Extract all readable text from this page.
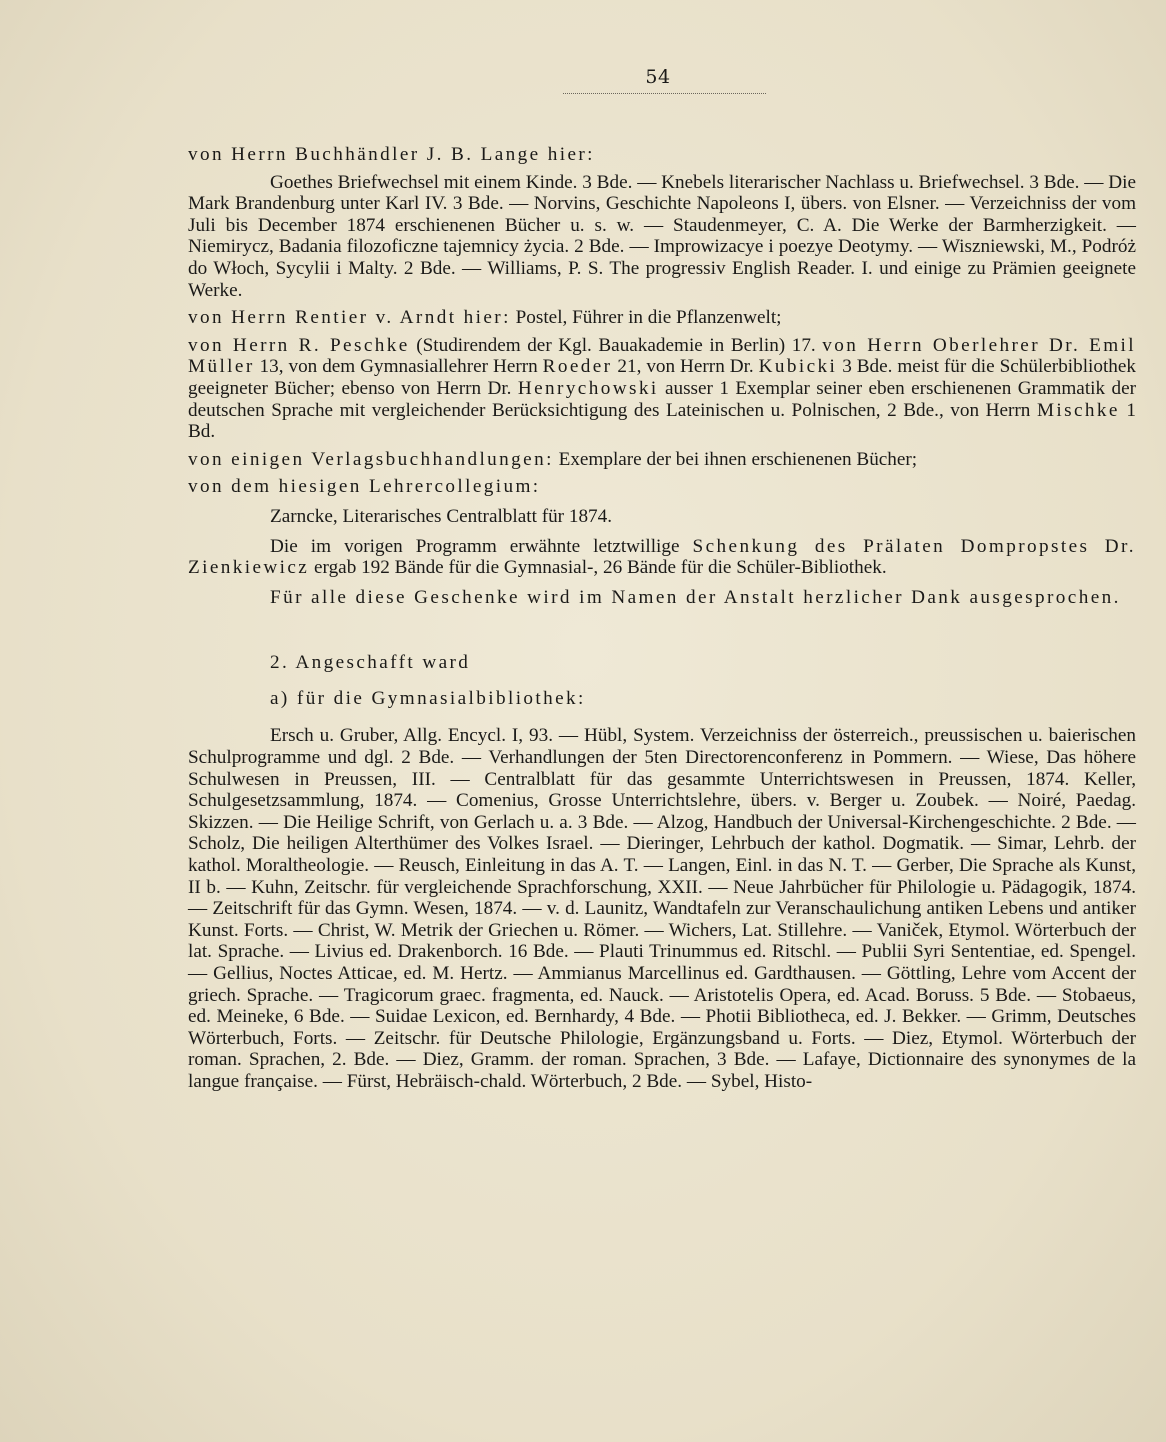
54

von Herrn Buchhändler J. B. Lange hier:

Goethes Briefwechsel mit einem Kinde. 3 Bde. — Knebels literarischer Nachlass u. Briefwechsel. 3 Bde. — Die Mark Brandenburg unter Karl IV. 3 Bde. — Norvins, Geschichte Napoleons I, übers. von Elsner. — Verzeichniss der vom Juli bis December 1874 erschienenen Bücher u. s. w. — Staudenmeyer, C. A. Die Werke der Barmherzigkeit. — Niemirycz, Badania filozoficzne tajemnicy życia. 2 Bde. — Improwizacye i poezye Deotymy. — Wiszniewski, M., Podróż do Włoch, Sycylii i Malty. 2 Bde. — Williams, P. S. The progressiv English Reader. I. und einige zu Prämien geeignete Werke.

von Herrn Rentier v. Arndt hier: Postel, Führer in die Pflanzenwelt;

von Herrn R. Peschke (Studirendem der Kgl. Bauakademie in Berlin) 17. von Herrn Oberlehrer Dr. Emil Müller 13, von dem Gymnasiallehrer Herrn Roeder 21, von Herrn Dr. Kubicki 3 Bde. meist für die Schülerbibliothek geeigneter Bücher; ebenso von Herrn Dr. Henrychowski ausser 1 Exemplar seiner eben erschienenen Grammatik der deutschen Sprache mit vergleichender Berücksichtigung des Lateinischen u. Polnischen, 2 Bde., von Herrn Mischke 1 Bd.

von einigen Verlagsbuchhandlungen: Exemplare der bei ihnen erschienenen Bücher;

von dem hiesigen Lehrercollegium:

Zarncke, Literarisches Centralblatt für 1874.

Die im vorigen Programm erwähnte letztwillige Schenkung des Prälaten Dompropstes Dr. Zienkiewicz ergab 192 Bände für die Gymnasial-, 26 Bände für die Schüler-Bibliothek.

Für alle diese Geschenke wird im Namen der Anstalt herzlicher Dank ausgesprochen.

2. Angeschafft ward

a) für die Gymnasialbibliothek:

Ersch u. Gruber, Allg. Encycl. I, 93. — Hübl, System. Verzeichniss der österreich., preussischen u. baierischen Schulprogramme und dgl. 2 Bde. — Verhandlungen der 5ten Directorenconferenz in Pommern. — Wiese, Das höhere Schulwesen in Preussen, III. — Centralblatt für das gesammte Unterrichtswesen in Preussen, 1874. Keller, Schulgesetzsammlung, 1874. — Comenius, Grosse Unterrichtslehre, übers. v. Berger u. Zoubek. — Noiré, Paedag. Skizzen. — Die Heilige Schrift, von Gerlach u. a. 3 Bde. — Alzog, Handbuch der Universal-Kirchengeschichte. 2 Bde. — Scholz, Die heiligen Alterthümer des Volkes Israel. — Dieringer, Lehrbuch der kathol. Dogmatik. — Simar, Lehrb. der kathol. Moraltheologie. — Reusch, Einleitung in das A. T. — Langen, Einl. in das N. T. — Gerber, Die Sprache als Kunst, II b. — Kuhn, Zeitschr. für vergleichende Sprachforschung, XXII. — Neue Jahrbücher für Philologie u. Pädagogik, 1874. — Zeitschrift für das Gymn. Wesen, 1874. — v. d. Launitz, Wandtafeln zur Veranschaulichung antiken Lebens und antiker Kunst. Forts. — Christ, W. Metrik der Griechen u. Römer. — Wichers, Lat. Stillehre. — Vaniček, Etymol. Wörterbuch der lat. Sprache. — Livius ed. Drakenborch. 16 Bde. — Plauti Trinummus ed. Ritschl. — Publii Syri Sententiae, ed. Spengel. — Gellius, Noctes Atticae, ed. M. Hertz. — Ammianus Marcellinus ed. Gardthausen. — Göttling, Lehre vom Accent der griech. Sprache. — Tragicorum graec. fragmenta, ed. Nauck. — Aristotelis Opera, ed. Acad. Boruss. 5 Bde. — Stobaeus, ed. Meineke, 6 Bde. — Suidae Lexicon, ed. Bernhardy, 4 Bde. — Photii Bibliotheca, ed. J. Bekker. — Grimm, Deutsches Wörterbuch, Forts. — Zeitschr. für Deutsche Philologie, Ergänzungsband u. Forts. — Diez, Etymol. Wörterbuch der roman. Sprachen, 2. Bde. — Diez, Gramm. der roman. Sprachen, 3 Bde. — Lafaye, Dictionnaire des synonymes de la langue française. — Fürst, Hebräisch-chald. Wörterbuch, 2 Bde. — Sybel, Histo-
